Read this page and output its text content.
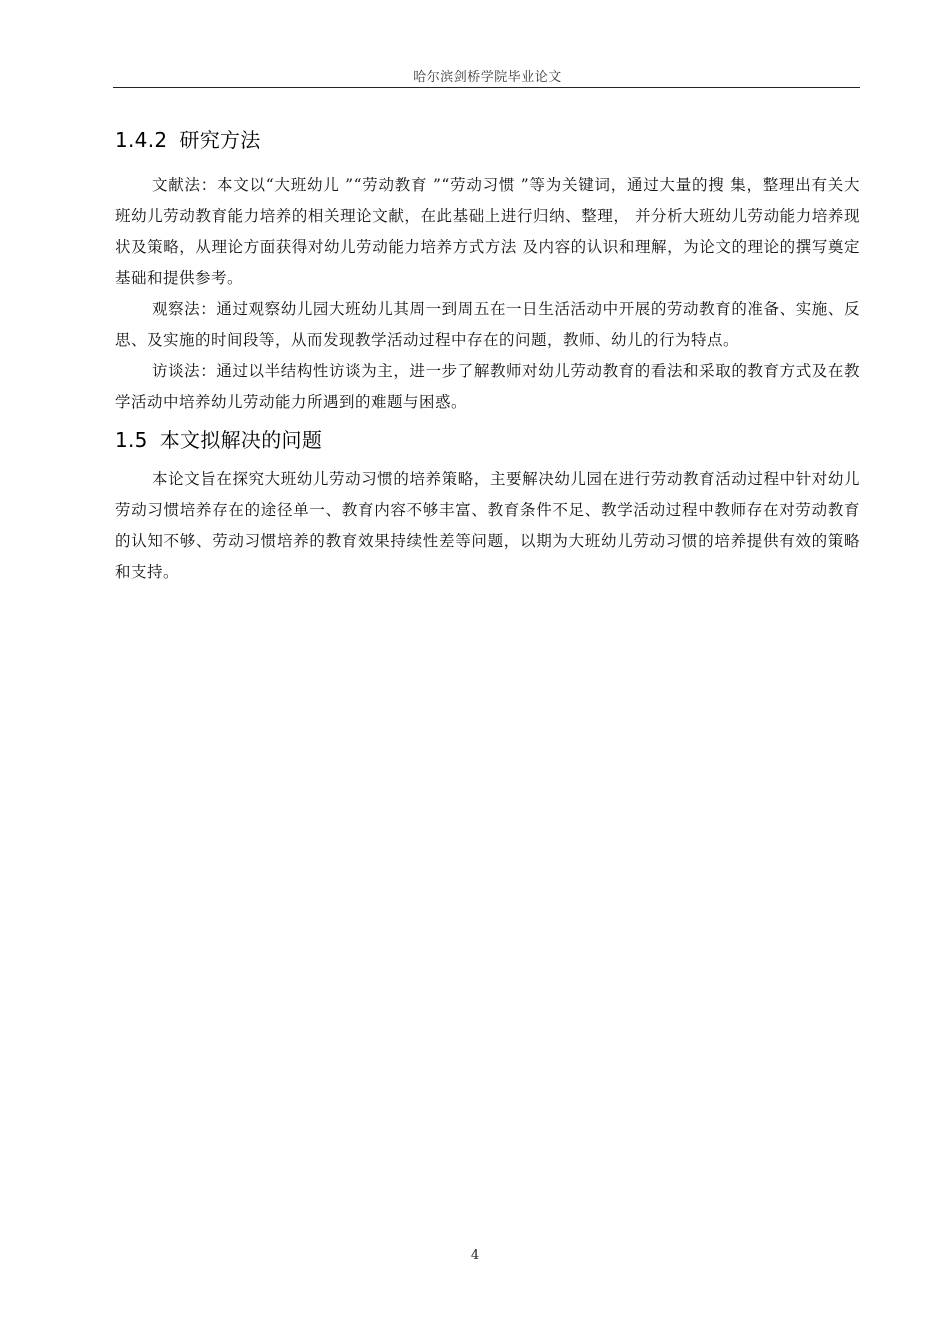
哈尔滨剑桥学院毕业论文
1.4.2 研究方法

文献法：本文以“大班幼儿 ”“劳动教育 ”“劳动习惯 ”等为关键词，通过大量的搜 集，整理出有关大班幼儿劳动教育能力培养的相关理论文献，在此基础上进行归纳、整理， 并分析大班幼儿劳动能力培养现状及策略，从理论方面获得对幼儿劳动能力培养方式方法 及内容的认识和理解，为论文的理论的撰写奠定基础和提供参考。

观察法：通过观察幼儿园大班幼儿其周一到周五在一日生活活动中开展的劳动教育的准备、实施、反思、及实施的时间段等，从而发现教学活动过程中存在的问题，教师、幼儿的行为特点。

访谈法：通过以半结构性访谈为主，进一步了解教师对幼儿劳动教育的看法和采取的教育方式及在教学活动中培养幼儿劳动能力所遇到的难题与困惑。

1.5 本文拟解决的问题

本论文旨在探究大班幼儿劳动习惯的培养策略，主要解决幼儿园在进行劳动教育活动过程中针对幼儿劳动习惯培养存在的途径单一、教育内容不够丰富、教育条件不足、教学活动过程中教师存在对劳动教育的认知不够、劳动习惯培养的教育效果持续性差等问题，以期为大班幼儿劳动习惯的培养提供有效的策略和支持。

4
